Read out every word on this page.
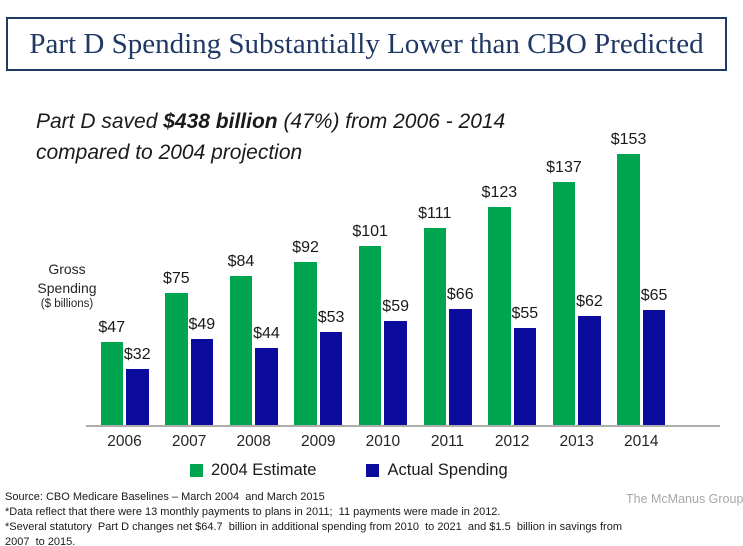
Part D Spending Substantially Lower than CBO Predicted
Part D saved $438 billion (47%) from 2006 - 2014
compared to 2004 projection
Gross
Spending
($ billions)
$47
$32
$75
$49
$84
$44
$92
$53
$101
$59
$111
$66
$123
$55
$137
$62
$153
$65
2006 2007 2008 2009 2010 2011 2012 2013 2014
2004 Estimate	Actual Spending
Source: CBO Medicare Baselines – March 2004  and March 2015
*Data reflect that there were 13 monthly payments to plans in 2011;  11 payments were made in 2012.
*Several statutory  Part D changes net $64.7  billion in additional spending from 2010  to 2021  and $1.5  billion in savings from 2007  to 2015.
The McManus Group
